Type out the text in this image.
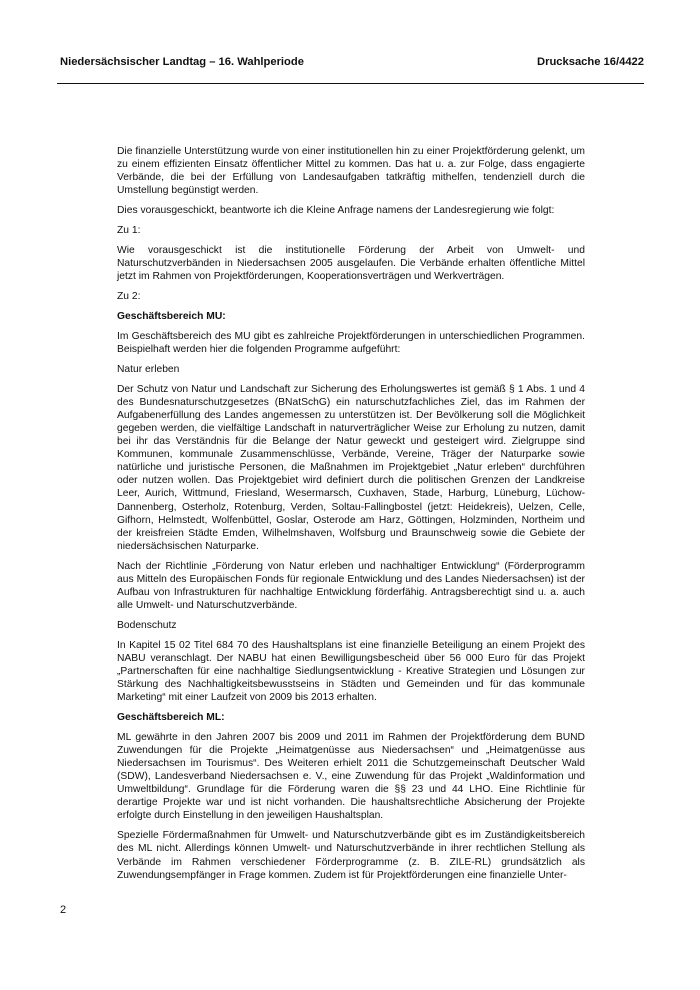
Niedersächsischer Landtag – 16. Wahlperiode	Drucksache 16/4422

Die finanzielle Unterstützung wurde von einer institutionellen hin zu einer Projektförderung gelenkt, um zu einem effizienten Einsatz öffentlicher Mittel zu kommen. Das hat u. a. zur Folge, dass engagierte Verbände, die bei der Erfüllung von Landesaufgaben tatkräftig mithelfen, tendenziell durch die Umstellung begünstigt werden.

Dies vorausgeschickt, beantworte ich die Kleine Anfrage namens der Landesregierung wie folgt:

Zu 1:

Wie vorausgeschickt ist die institutionelle Förderung der Arbeit von Umwelt- und Naturschutzverbänden in Niedersachsen 2005 ausgelaufen. Die Verbände erhalten öffentliche Mittel jetzt im Rahmen von Projektförderungen, Kooperationsverträgen und Werkverträgen.

Zu 2:

Geschäftsbereich MU:

Im Geschäftsbereich des MU gibt es zahlreiche Projektförderungen in unterschiedlichen Programmen. Beispielhaft werden hier die folgenden Programme aufgeführt:

Natur erleben

Der Schutz von Natur und Landschaft zur Sicherung des Erholungswertes ist gemäß § 1 Abs. 1 und 4 des Bundesnaturschutzgesetzes (BNatSchG) ein naturschutzfachliches Ziel, das im Rahmen der Aufgabenerfüllung des Landes angemessen zu unterstützen ist. Der Bevölkerung soll die Möglichkeit gegeben werden, die vielfältige Landschaft in naturverträglicher Weise zur Erholung zu nutzen, damit bei ihr das Verständnis für die Belange der Natur geweckt und gesteigert wird. Zielgruppe sind Kommunen, kommunale Zusammenschlüsse, Verbände, Vereine, Träger der Naturparke sowie natürliche und juristische Personen, die Maßnahmen im Projektgebiet „Natur erleben“ durchführen oder nutzen wollen. Das Projektgebiet wird definiert durch die politischen Grenzen der Landkreise Leer, Aurich, Wittmund, Friesland, Wesermarsch, Cuxhaven, Stade, Harburg, Lüneburg, Lüchow-Dannenberg, Osterholz, Rotenburg, Verden, Soltau-Fallingbostel (jetzt: Heidekreis), Uelzen, Celle, Gifhorn, Helmstedt, Wolfenbüttel, Goslar, Osterode am Harz, Göttingen, Holzminden, Northeim und der kreisfreien Städte Emden, Wilhelmshaven, Wolfsburg und Braunschweig sowie die Gebiete der niedersächsischen Naturparke.

Nach der Richtlinie „Förderung von Natur erleben und nachhaltiger Entwicklung“ (Förderprogramm aus Mitteln des Europäischen Fonds für regionale Entwicklung und des Landes Niedersachsen) ist der Aufbau von Infrastrukturen für nachhaltige Entwicklung förderfähig. Antragsberechtigt sind u. a. auch alle Umwelt- und Naturschutzverbände.

Bodenschutz

In Kapitel 15 02 Titel 684 70 des Haushaltsplans ist eine finanzielle Beteiligung an einem Projekt des NABU veranschlagt. Der NABU hat einen Bewilligungsbescheid über 56 000 Euro für das Projekt „Partnerschaften für eine nachhaltige Siedlungsentwicklung - Kreative Strategien und Lösungen zur Stärkung des Nachhaltigkeitsbewusstseins in Städten und Gemeinden und für das kommunale Marketing“ mit einer Laufzeit von 2009 bis 2013 erhalten.

Geschäftsbereich ML:

ML gewährte in den Jahren 2007 bis 2009 und 2011 im Rahmen der Projektförderung dem BUND Zuwendungen für die Projekte „Heimatgenüsse aus Niedersachsen“ und „Heimatgenüsse aus Niedersachsen im Tourismus“. Des Weiteren erhielt 2011 die Schutzgemeinschaft Deutscher Wald (SDW), Landesverband Niedersachsen e. V., eine Zuwendung für das Projekt „Waldinformation und Umweltbildung“. Grundlage für die Förderung waren die §§ 23 und 44 LHO. Eine Richtlinie für derartige Projekte war und ist nicht vorhanden. Die haushaltsrechtliche Absicherung der Projekte erfolgte durch Einstellung in den jeweiligen Haushaltsplan.

Spezielle Fördermaßnahmen für Umwelt- und Naturschutzverbände gibt es im Zuständigkeitsbereich des ML nicht. Allerdings können Umwelt- und Naturschutzverbände in ihrer rechtlichen Stellung als Verbände im Rahmen verschiedener Förderprogramme (z. B. ZILE-RL) grundsätzlich als Zuwendungsempfänger in Frage kommen. Zudem ist für Projektförderungen eine finanzielle Unter-

2
